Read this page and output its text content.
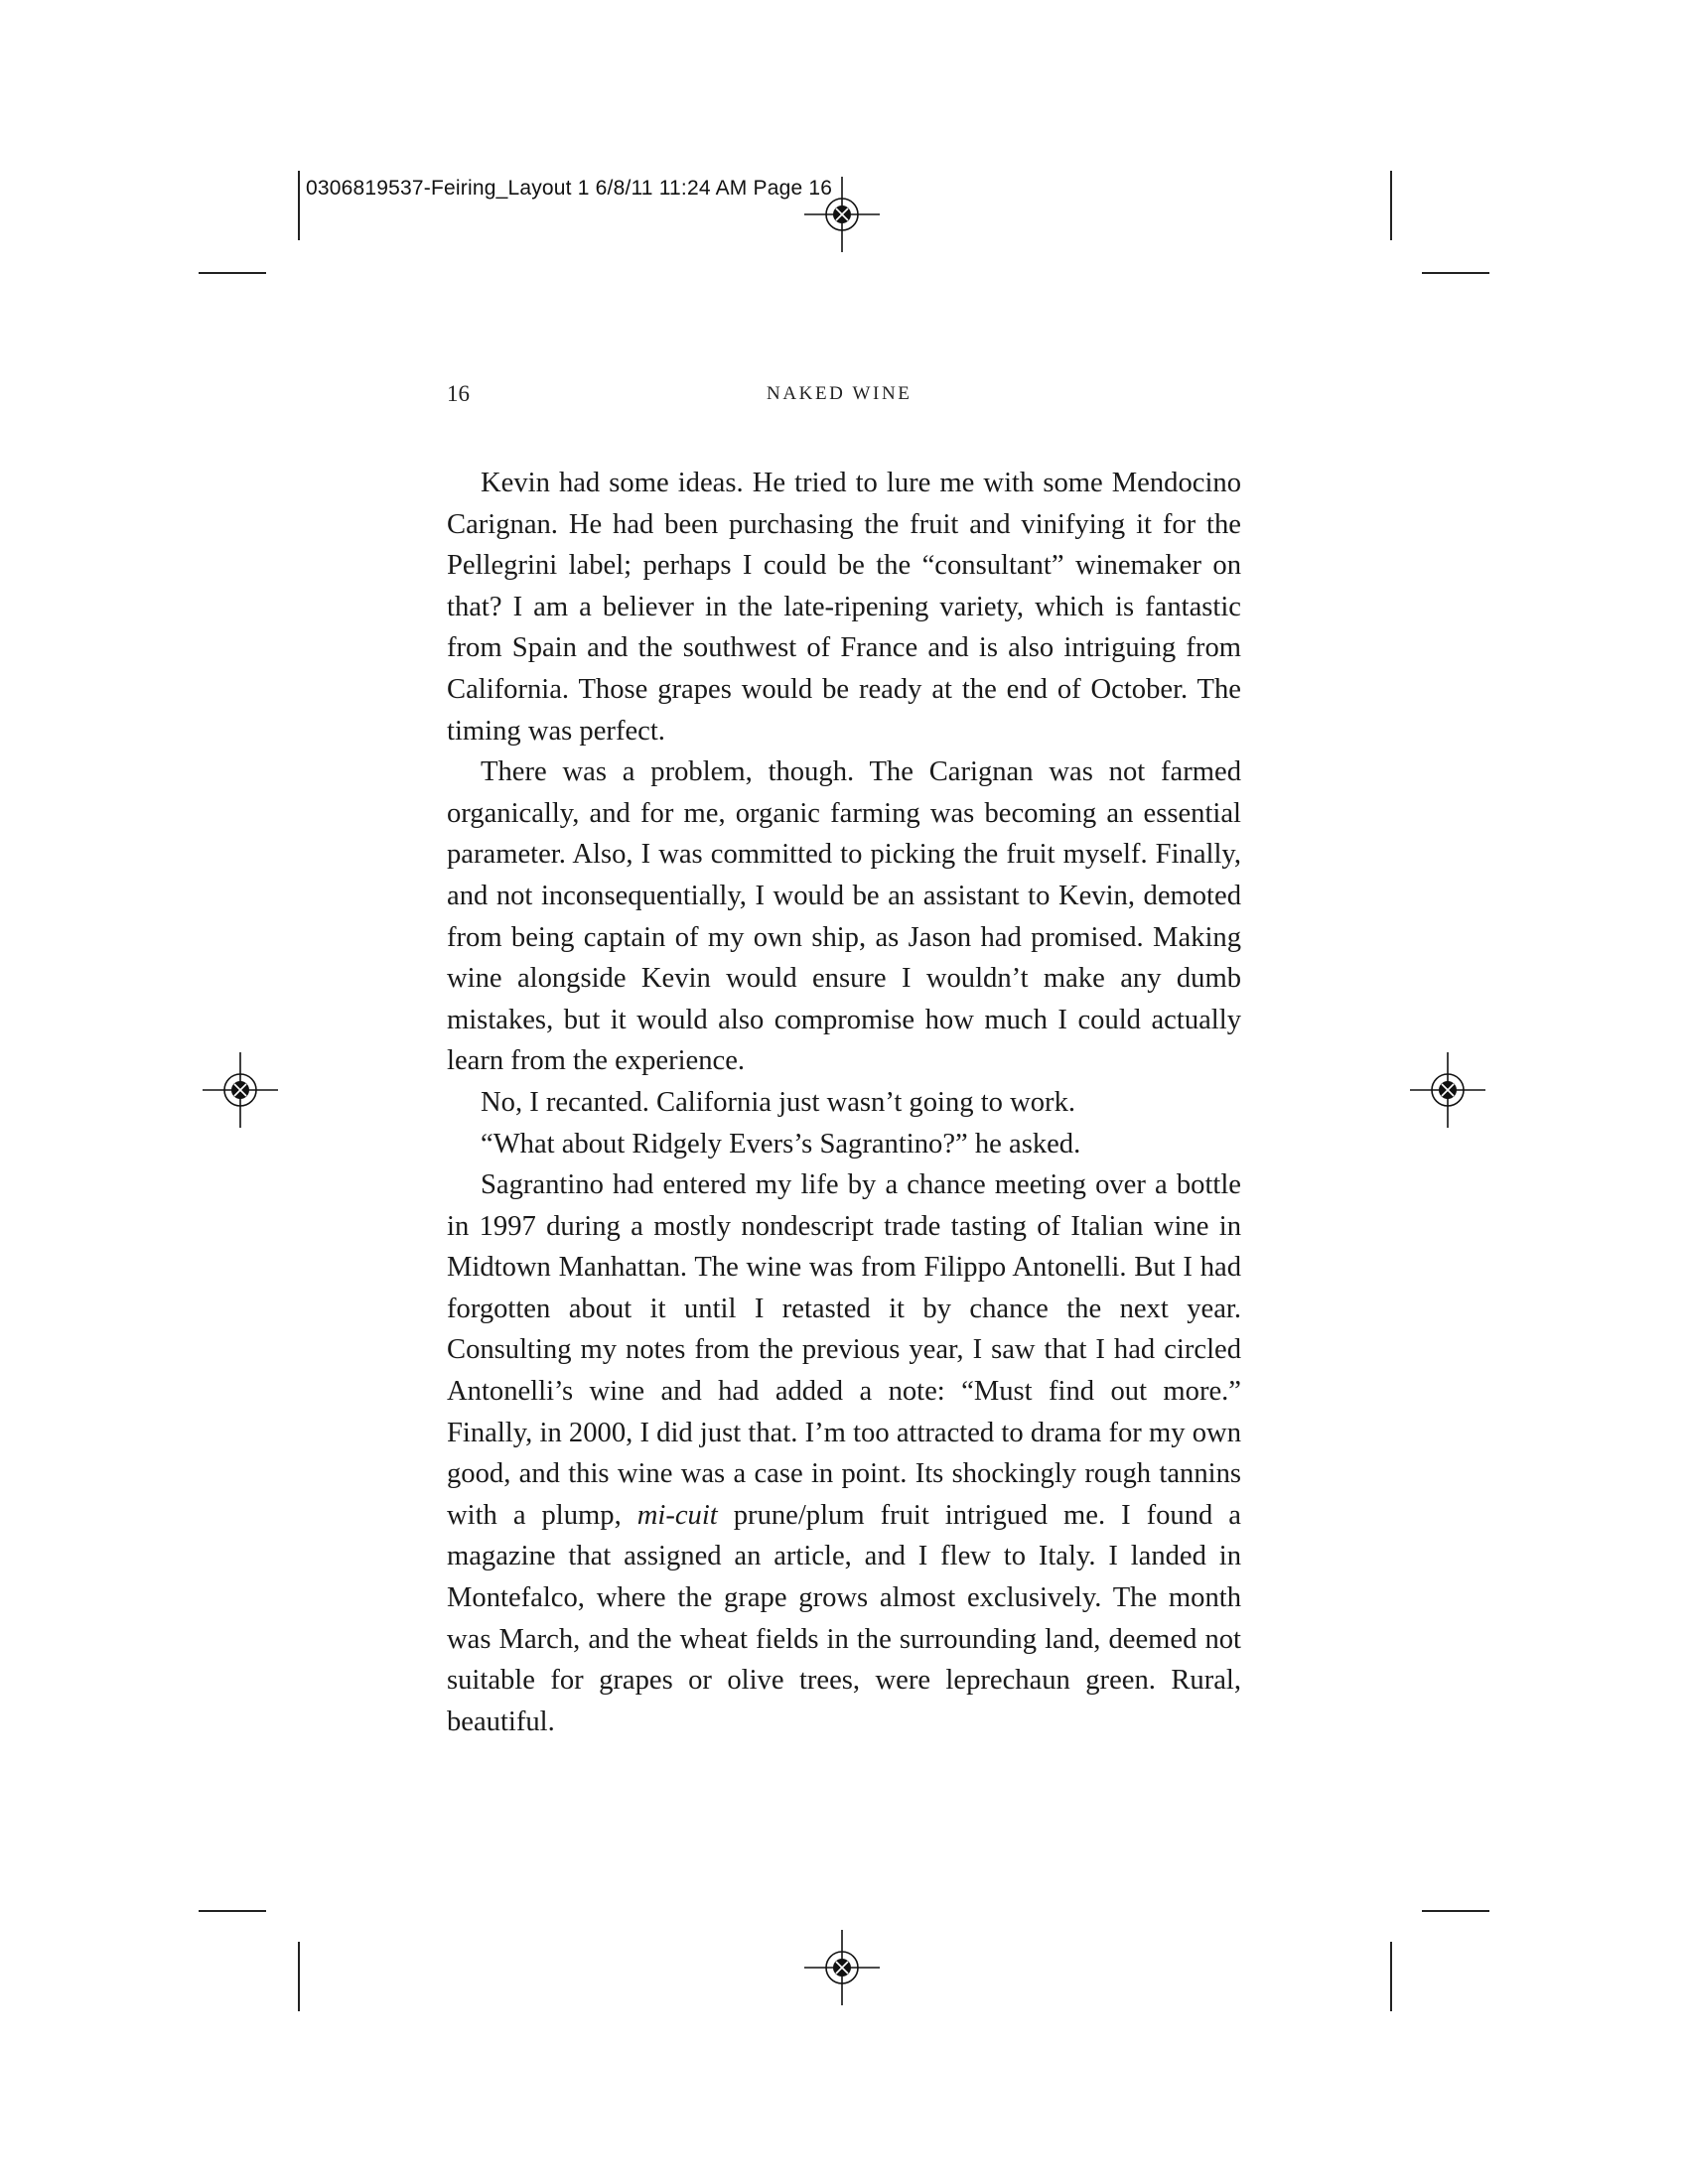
0306819537-Feiring_Layout 1 6/8/11 11:24 AM Page 16
16	NAKED WINE

Kevin had some ideas. He tried to lure me with some Mendocino Carignan. He had been purchasing the fruit and vinifying it for the Pellegrini label; perhaps I could be the “consultant” winemaker on that? I am a believer in the late-ripening variety, which is fantastic from Spain and the southwest of France and is also intriguing from California. Those grapes would be ready at the end of October. The timing was perfect.

There was a problem, though. The Carignan was not farmed organically, and for me, organic farming was becoming an essential parameter. Also, I was committed to picking the fruit myself. Finally, and not inconsequentially, I would be an assistant to Kevin, demoted from being captain of my own ship, as Jason had promised. Making wine alongside Kevin would ensure I wouldn’t make any dumb mistakes, but it would also compromise how much I could actually learn from the experience.

No, I recanted. California just wasn’t going to work.

“What about Ridgely Evers’s Sagrantino?” he asked.

Sagrantino had entered my life by a chance meeting over a bottle in 1997 during a mostly nondescript trade tasting of Italian wine in Midtown Manhattan. The wine was from Filippo Antonelli. But I had forgotten about it until I retasted it by chance the next year. Consulting my notes from the previous year, I saw that I had circled Antonelli’s wine and had added a note: “Must find out more.” Finally, in 2000, I did just that. I’m too attracted to drama for my own good, and this wine was a case in point. Its shockingly rough tannins with a plump, mi-cuit prune/plum fruit intrigued me. I found a magazine that assigned an article, and I flew to Italy. I landed in Montefalco, where the grape grows almost exclusively. The month was March, and the wheat fields in the surrounding land, deemed not suitable for grapes or olive trees, were leprechaun green. Rural, beautiful.
